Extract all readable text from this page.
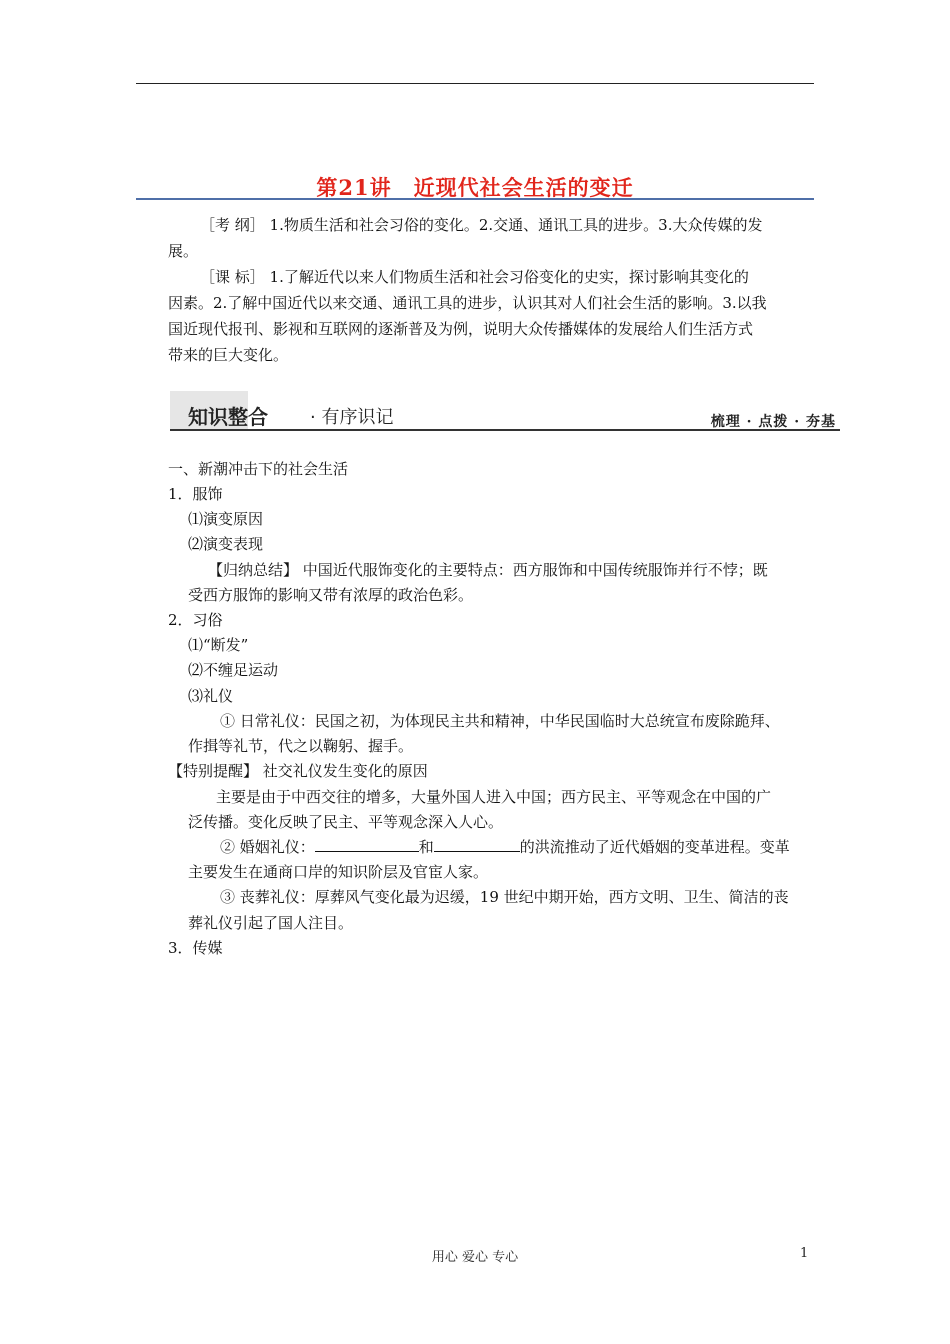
第21讲　近现代社会生活的变迁
［考 纲］ 1.物质生活和社会习俗的变化。2.交通、通讯工具的进步。3.大众传媒的发
展。
［课 标］ 1.了解近代以来人们物质生活和社会习俗变化的史实，探讨影响其变化的
因素。2.了解中国近代以来交通、通讯工具的进步，认识其对人们社会生活的影响。3.以我
国近现代报刊、影视和互联网的逐渐普及为例，说明大众传播媒体的发展给人们生活方式
带来的巨大变化。
知识整合 · 有序识记	梳理 · 点拨 · 夯基
一、新潮冲击下的社会生活
1．服饰
⑴演变原因
⑵演变表现
【归纳总结】 中国近代服饰变化的主要特点：西方服饰和中国传统服饰并行不悖；既
受西方服饰的影响又带有浓厚的政治色彩。
2．习俗
⑴“断发”
⑵不缠足运动
⑶礼仪
① 日常礼仪：民国之初，为体现民主共和精神，中华民国临时大总统宣布废除跪拜、
作揖等礼节，代之以鞠躬、握手。
【特别提醒】 社交礼仪发生变化的原因
主要是由于中西交往的增多，大量外国人进入中国；西方民主、平等观念在中国的广
泛传播。变化反映了民主、平等观念深入人心。
② 婚姻礼仪：	和	的洪流推动了近代婚姻的变革进程。变革
主要发生在通商口岸的知识阶层及官宦人家。
③ 丧葬礼仪：厚葬风气变化最为迟缓，19 世纪中期开始，西方文明、卫生、简洁的丧
葬礼仪引起了国人注目。
3．传媒
用心 爱心 专心	1
